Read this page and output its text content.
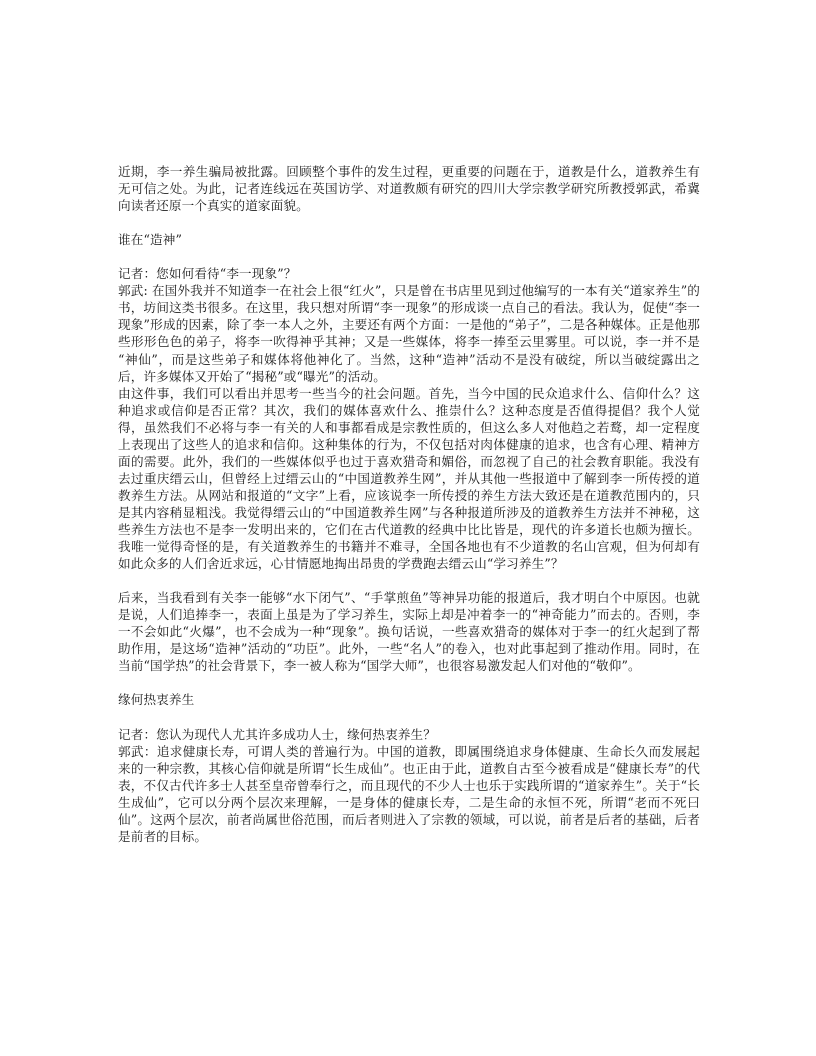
近期，李一养生骗局被批露。回顾整个事件的发生过程，更重要的问题在于，道教是什么，道教养生有无可信之处。为此，记者连线远在英国访学、对道教颇有研究的四川大学宗教学研究所教授郭武，希冀向读者还原一个真实的道家面貌。

谁在“造神”

记者：您如何看待“李一现象”？

郭武: 在国外我并不知道李一在社会上很“红火”，只是曾在书店里见到过他编写的一本有关“道家养生”的书，坊间这类书很多。在这里，我只想对所谓“李一现象”的形成谈一点自己的看法。我认为，促使“李一现象”形成的因素，除了李一本人之外，主要还有两个方面：一是他的“弟子”，二是各种媒体。正是他那些形形色色的弟子，将李一吹得神乎其神；又是一些媒体，将李一捧至云里雾里。可以说，李一并不是“神仙”，而是这些弟子和媒体将他神化了。当然，这种“造神”活动不是没有破绽，所以当破绽露出之后，许多媒体又开始了“揭秘”或“曝光”的活动。

由这件事，我们可以看出并思考一些当今的社会问题。首先，当今中国的民众追求什么、信仰什么？这种追求或信仰是否正常？其次，我们的媒体喜欢什么、推崇什么？这种态度是否值得提倡？我个人觉得，虽然我们不必将与李一有关的人和事都看成是宗教性质的，但这么多人对他趋之若鹜，却一定程度上表现出了这些人的追求和信仰。这种集体的行为，不仅包括对肉体健康的追求，也含有心理、精神方面的需要。此外，我们的一些媒体似乎也过于喜欢猎奇和媚俗，而忽视了自己的社会教育职能。我没有去过重庆缙云山，但曾经上过缙云山的“中国道教养生网”，并从其他一些报道中了解到李一所传授的道教养生方法。从网站和报道的“文字”上看，应该说李一所传授的养生方法大致还是在道教范围内的，只是其内容稍显粗浅。我觉得缙云山的“中国道教养生网”与各种报道所涉及的道教养生方法并不神秘，这些养生方法也不是李一发明出来的，它们在古代道教的经典中比比皆是，现代的许多道长也颇为擅长。我唯一觉得奇怪的是，有关道教养生的书籍并不难寻，全国各地也有不少道教的名山宫观，但为何却有如此众多的人们舍近求远，心甘情愿地掏出昂贵的学费跑去缙云山“学习养生”？

后来，当我看到有关李一能够“水下闭气”、“手掌煎鱼”等神异功能的报道后，我才明白个中原因。也就是说，人们追捧李一，表面上虽是为了学习养生，实际上却是冲着李一的“神奇能力”而去的。否则，李一不会如此“火爆”，也不会成为一种“现象”。换句话说，一些喜欢猎奇的媒体对于李一的红火起到了帮助作用，是这场“造神”活动的“功臣”。此外，一些“名人”的卷入，也对此事起到了推动作用。同时，在当前“国学热”的社会背景下，李一被人称为“国学大师”，也很容易激发起人们对他的“敬仰”。

缘何热衷养生

记者：您认为现代人尤其许多成功人士，缘何热衷养生？

郭武：追求健康长寿，可谓人类的普遍行为。中国的道教，即属围绕追求身体健康、生命长久而发展起来的一种宗教，其核心信仰就是所谓“长生成仙”。也正由于此，道教自古至今被看成是“健康长寿”的代表，不仅古代许多士人甚至皇帝曾奉行之，而且现代的不少人士也乐于实践所谓的“道家养生”。关于“长生成仙”，它可以分两个层次来理解，一是身体的健康长寿，二是生命的永恒不死，所谓“老而不死曰仙”。这两个层次，前者尚属世俗范围，而后者则进入了宗教的领域，可以说，前者是后者的基础，后者是前者的目标。
